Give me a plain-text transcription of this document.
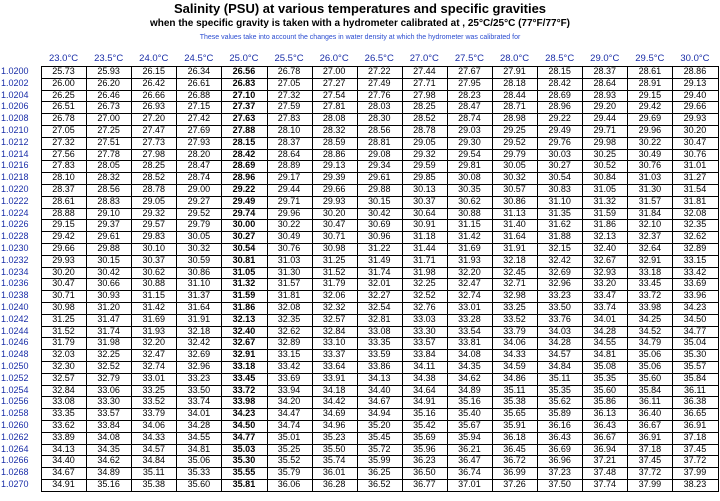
Salinity (PSU) at various temperatures and specific gravities
when the specific gravity is taken with a hydrometer calibrated at , 25°C/25°C (77°F/77°F)
These values take into account the changes in water density at which the hydrometer was calibrated for
23.0°C	23.5°C	24.0°C	24.5°C	25.0°C	25.5°C	26.0°C	26.5°C	27.0°C	27.5°C	28.0°C	28.5°C	29.0°C	29.5°C	30.0°C
1.0200	25.73	25.93	26.15	26.34	26.56	26.78	27.00	27.22	27.44	27.67	27.91	28.15	28.37	28.61	28.86
1.0202	26.00	26.20	26.42	26.61	26.83	27.05	27.27	27.49	27.71	27.95	28.18	28.42	28.64	28.91	29.13
1.0204	26.25	26.46	26.66	26.88	27.10	27.32	27.54	27.76	27.98	28.23	28.44	28.69	28.93	29.15	29.40
1.0206	26.51	26.73	26.93	27.15	27.37	27.59	27.81	28.03	28.25	28.47	28.71	28.96	29.20	29.42	29.66
1.0208	26.78	27.00	27.20	27.42	27.63	27.83	28.08	28.30	28.52	28.74	28.98	29.22	29.44	29.69	29.93
1.0210	27.05	27.25	27.47	27.69	27.88	28.10	28.32	28.56	28.78	29.03	29.25	29.49	29.71	29.96	30.20
1.0212	27.32	27.51	27.73	27.93	28.15	28.37	28.59	28.81	29.05	29.30	29.52	29.76	29.98	30.22	30.47
1.0214	27.56	27.78	27.98	28.20	28.42	28.64	28.86	29.08	29.32	29.54	29.79	30.03	30.25	30.49	30.76
1.0216	27.83	28.05	28.25	28.47	28.69	28.89	29.13	29.34	29.59	29.81	30.05	30.27	30.52	30.76	31.01
1.0218	28.10	28.32	28.52	28.74	28.96	29.17	29.39	29.61	29.85	30.08	30.32	30.54	30.84	31.03	31.27
1.0220	28.37	28.56	28.78	29.00	29.22	29.44	29.66	29.88	30.13	30.35	30.57	30.83	31.05	31.30	31.54
1.0222	28.61	28.83	29.05	29.27	29.49	29.71	29.93	30.15	30.37	30.62	30.86	31.10	31.32	31.57	31.81
1.0224	28.88	29.10	29.32	29.52	29.74	29.96	30.20	30.42	30.64	30.88	31.13	31.35	31.59	31.84	32.08
1.0226	29.15	29.37	29.57	29.79	30.00	30.22	30.47	30.69	30.91	31.15	31.40	31.62	31.86	32.10	32.35
1.0228	29.42	29.61	29.83	30.05	30.27	30.49	30.71	30.96	31.18	31.42	31.64	31.88	32.13	32.37	32.62
1.0230	29.66	29.88	30.10	30.32	30.54	30.76	30.98	31.22	31.44	31.69	31.91	32.15	32.40	32.64	32.89
1.0232	29.93	30.15	30.37	30.59	30.81	31.03	31.25	31.49	31.71	31.93	32.18	32.42	32.67	32.91	33.15
1.0234	30.20	30.42	30.62	30.86	31.05	31.30	31.52	31.74	31.98	32.20	32.45	32.69	32.93	33.18	33.42
1.0236	30.47	30.66	30.88	31.10	31.32	31.57	31.79	32.01	32.25	32.47	32.71	32.96	33.20	33.45	33.69
1.0238	30.71	30.93	31.15	31.37	31.59	31.81	32.06	32.27	32.52	32.74	32.98	33.23	33.47	33.72	33.96
1.0240	30.98	31.20	31.42	31.64	31.86	32.08	32.32	32.54	32.76	33.01	33.25	33.50	33.74	33.98	34.23
1.0242	31.25	31.47	31.69	31.91	32.13	32.35	32.57	32.81	33.03	33.28	33.52	33.76	34.01	34.25	34.50
1.0244	31.52	31.74	31.93	32.18	32.40	32.62	32.84	33.08	33.30	33.54	33.79	34.03	34.28	34.52	34.77
1.0246	31.79	31.98	32.20	32.42	32.67	32.89	33.10	33.35	33.57	33.81	34.06	34.28	34.55	34.79	35.04
1.0248	32.03	32.25	32.47	32.69	32.91	33.15	33.37	33.59	33.84	34.08	34.33	34.57	34.81	35.06	35.30
1.0250	32.30	32.52	32.74	32.96	33.18	33.42	33.64	33.86	34.11	34.35	34.59	34.84	35.08	35.06	35.57
1.0252	32.57	32.79	33.01	33.23	33.45	33.69	33.91	34.13	34.38	34.62	34.86	35.11	35.35	35.60	35.84
1.0254	32.84	33.06	33.25	33.50	33.72	33.94	34.18	34.40	34.64	34.89	35.11	35.35	35.60	35.84	36.11
1.0256	33.08	33.30	33.52	33.74	33.98	34.20	34.42	34.67	34.91	35.16	35.38	35.62	35.86	36.11	36.38
1.0258	33.35	33.57	33.79	34.01	34.23	34.47	34.69	34.94	35.16	35.40	35.65	35.89	36.13	36.40	36.65
1.0260	33.62	33.84	34.06	34.28	34.50	34.74	34.96	35.20	35.42	35.67	35.91	36.16	36.43	36.67	36.91
1.0262	33.89	34.08	34.33	34.55	34.77	35.01	35.23	35.45	35.69	35.94	36.18	36.43	36.67	36.91	37.18
1.0264	34.13	34.35	34.57	34.81	35.03	35.25	35.50	35.72	35.96	36.21	36.45	36.69	36.94	37.18	37.45
1.0266	34.40	34.62	34.84	35.06	35.30	35.52	35.74	35.99	36.23	36.47	36.72	36.96	37.21	37.45	37.72
1.0268	34.67	34.89	35.11	35.33	35.55	35.79	36.01	36.25	36.50	36.74	36.99	37.23	37.48	37.72	37.99
1.0270	34.91	35.16	35.38	35.60	35.81	36.06	36.28	36.52	36.77	37.01	37.26	37.50	37.74	37.99	38.23
